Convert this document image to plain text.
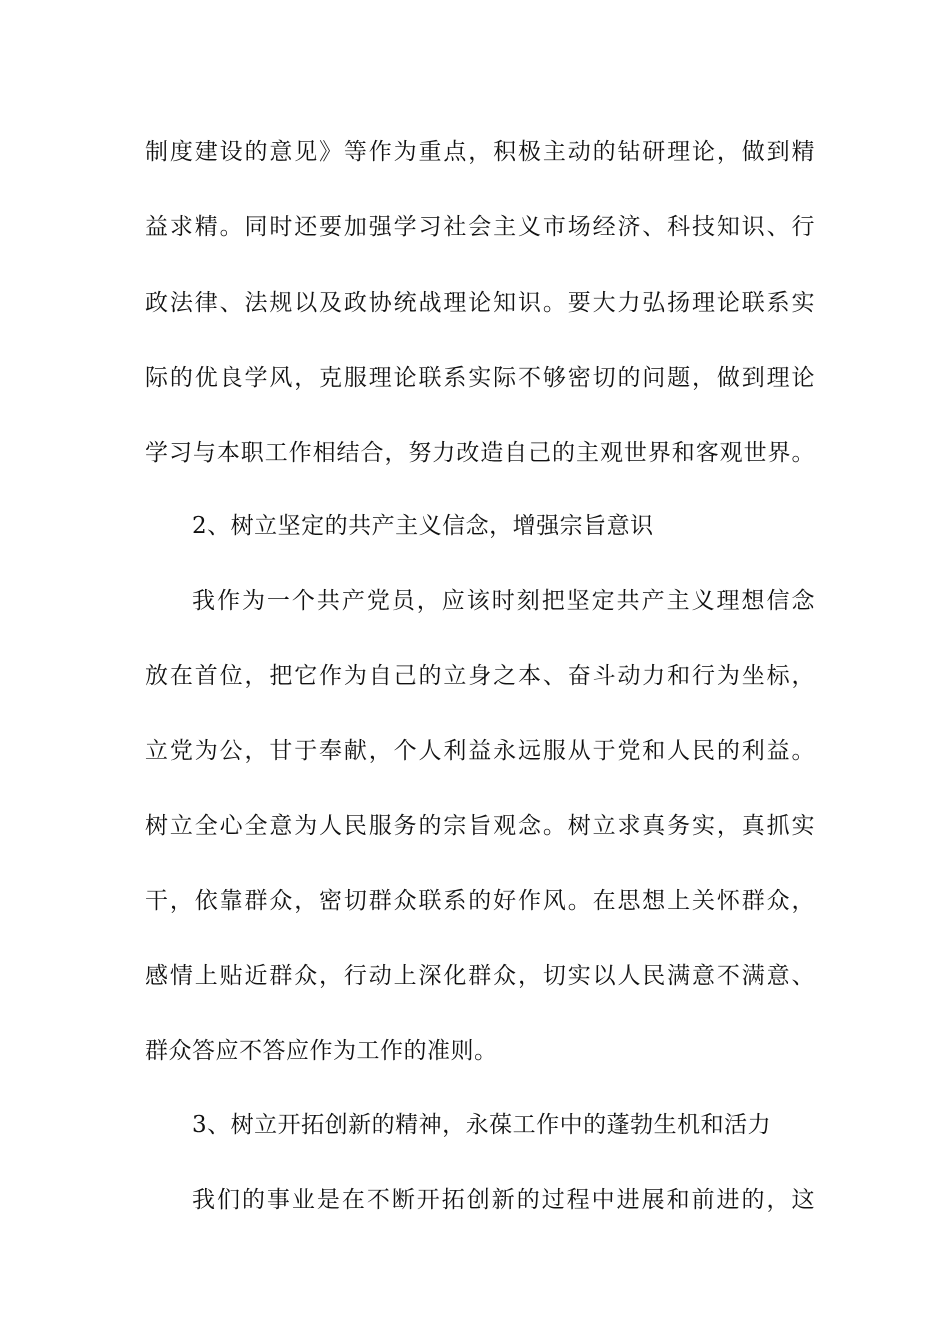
制度建设的意见》等作为重点，积极主动的钻研理论，做到精
益求精。同时还要加强学习社会主义市场经济、科技知识、行
政法律、法规以及政协统战理论知识。要大力弘扬理论联系实
际的优良学风，克服理论联系实际不够密切的问题，做到理论
学习与本职工作相结合，努力改造自己的主观世界和客观世界。
2、树立坚定的共产主义信念，增强宗旨意识
我作为一个共产党员，应该时刻把坚定共产主义理想信念
放在首位，把它作为自己的立身之本、奋斗动力和行为坐标，
立党为公，甘于奉献，个人利益永远服从于党和人民的利益。
树立全心全意为人民服务的宗旨观念。树立求真务实，真抓实
干，依靠群众，密切群众联系的好作风。在思想上关怀群众，
感情上贴近群众，行动上深化群众，切实以人民满意不满意、
群众答应不答应作为工作的准则。
3、树立开拓创新的精神，永葆工作中的蓬勃生机和活力
我们的事业是在不断开拓创新的过程中进展和前进的，这
